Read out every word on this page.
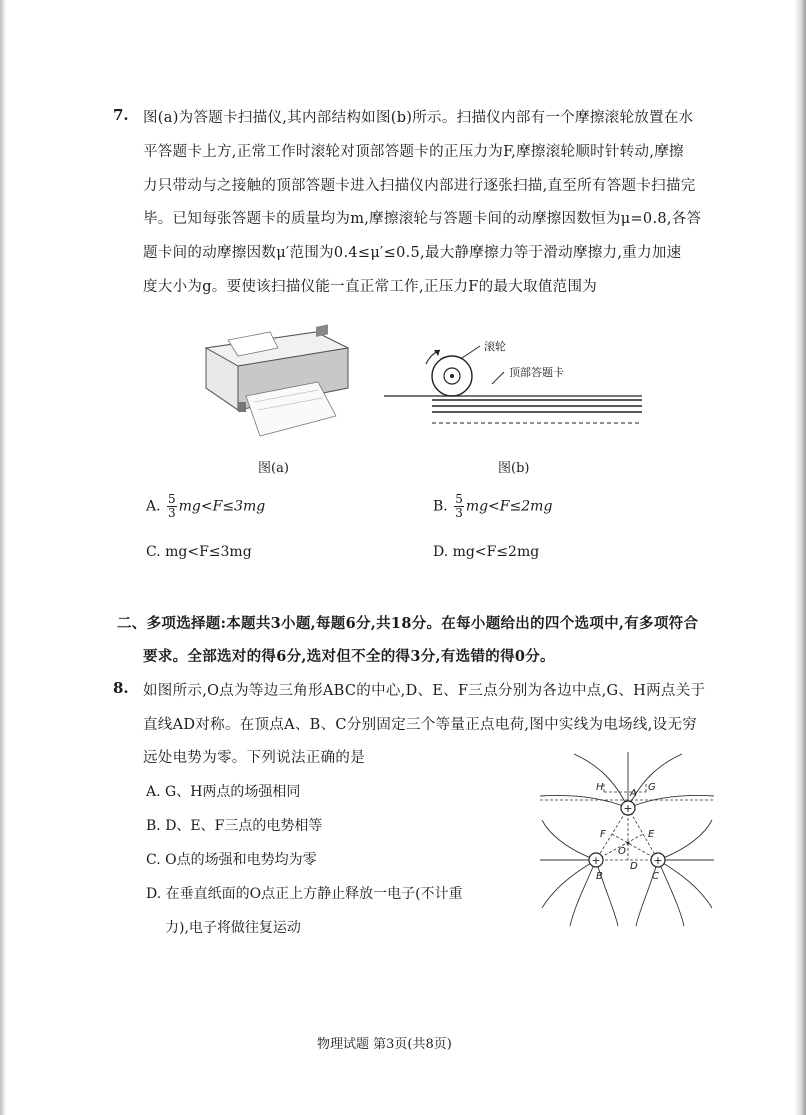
7. 图(a)为答题卡扫描仪,其内部结构如图(b)所示。扫描仪内部有一个摩擦滚轮放置在水
平答题卡上方,正常工作时滚轮对顶部答题卡的正压力为F,摩擦滚轮顺时针转动,摩擦
力只带动与之接触的顶部答题卡进入扫描仪内部进行逐张扫描,直至所有答题卡扫描完
毕。已知每张答题卡的质量均为m,摩擦滚轮与答题卡间的动摩擦因数恒为μ=0.8,各答
题卡间的动摩擦因数μ′范围为0.4≤μ′≤0.5,最大静摩擦力等于滑动摩擦力,重力加速
度大小为g。要使该扫描仪能一直正常工作,正压力F的最大取值范围为
图(a)
滚轮
顶部答题卡
图(b)
A. $\frac{5}{3} mg<F\le 3mg$	B. $\frac{5}{3} mg<F\le 2mg$
C. mg<F≤3mg	D. mg<F≤2mg
二、多项选择题:本题共3小题,每题6分,共18分。在每小题给出的四个选项中,有多项符合
要求。全部选对的得6分,选对但不全的得3分,有选错的得0分。
8. 如图所示,O点为等边三角形ABC的中心,D、E、F三点分别为各边中点,G、H两点关于
直线AD对称。在顶点A、B、C分别固定三个等量正点电荷,图中实线为电场线,设无穷
远处电势为零。下列说法正确的是
A. G、H两点的场强相同
B. D、E、F三点的电势相等
C. O点的场强和电势均为零
D. 在垂直纸面的O点正上方静止释放一电子(不计重
力),电子将做往复运动
+
+	+
A
B	C
D
E
F
G
H
O
物理试题 第3页(共8页)
